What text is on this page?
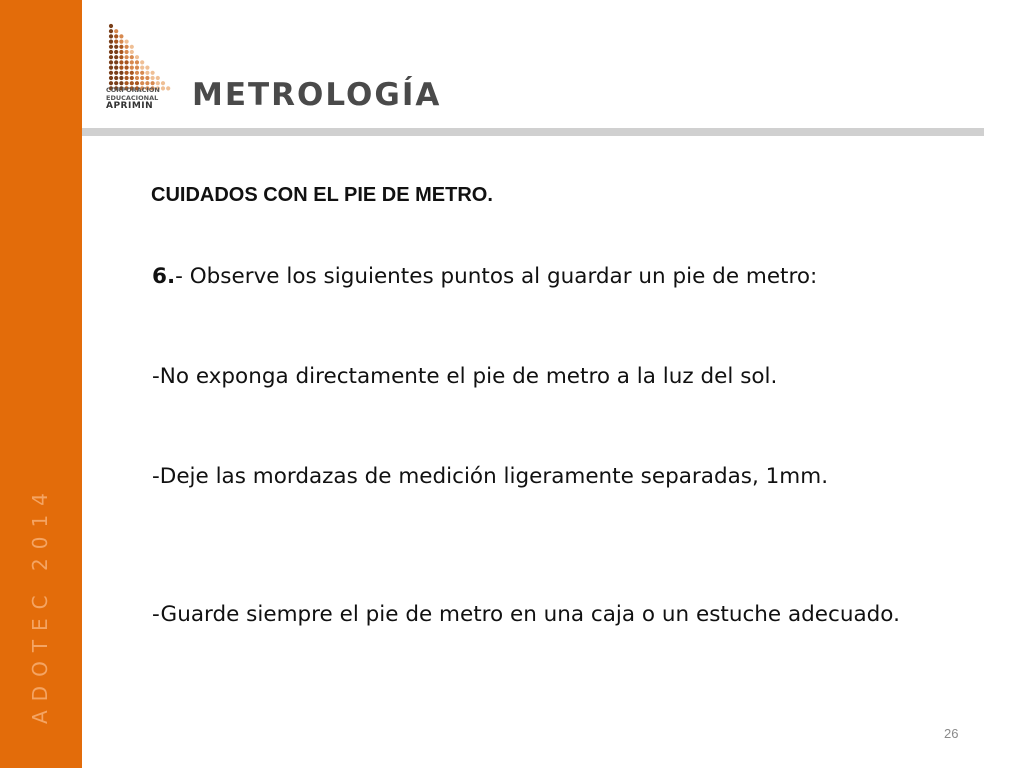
ADOTEC 2014
CORPORACION
EDUCACIONAL
APRIMIN	METROLOGÍA
CUIDADOS CON EL PIE DE METRO.
6.- Observe los siguientes puntos al guardar un pie de metro:
-No exponga directamente el pie de metro a la luz del sol.
-Deje las mordazas de medición ligeramente separadas, 1mm.
-Guarde siempre el pie de metro en una caja o un estuche adecuado.
26
